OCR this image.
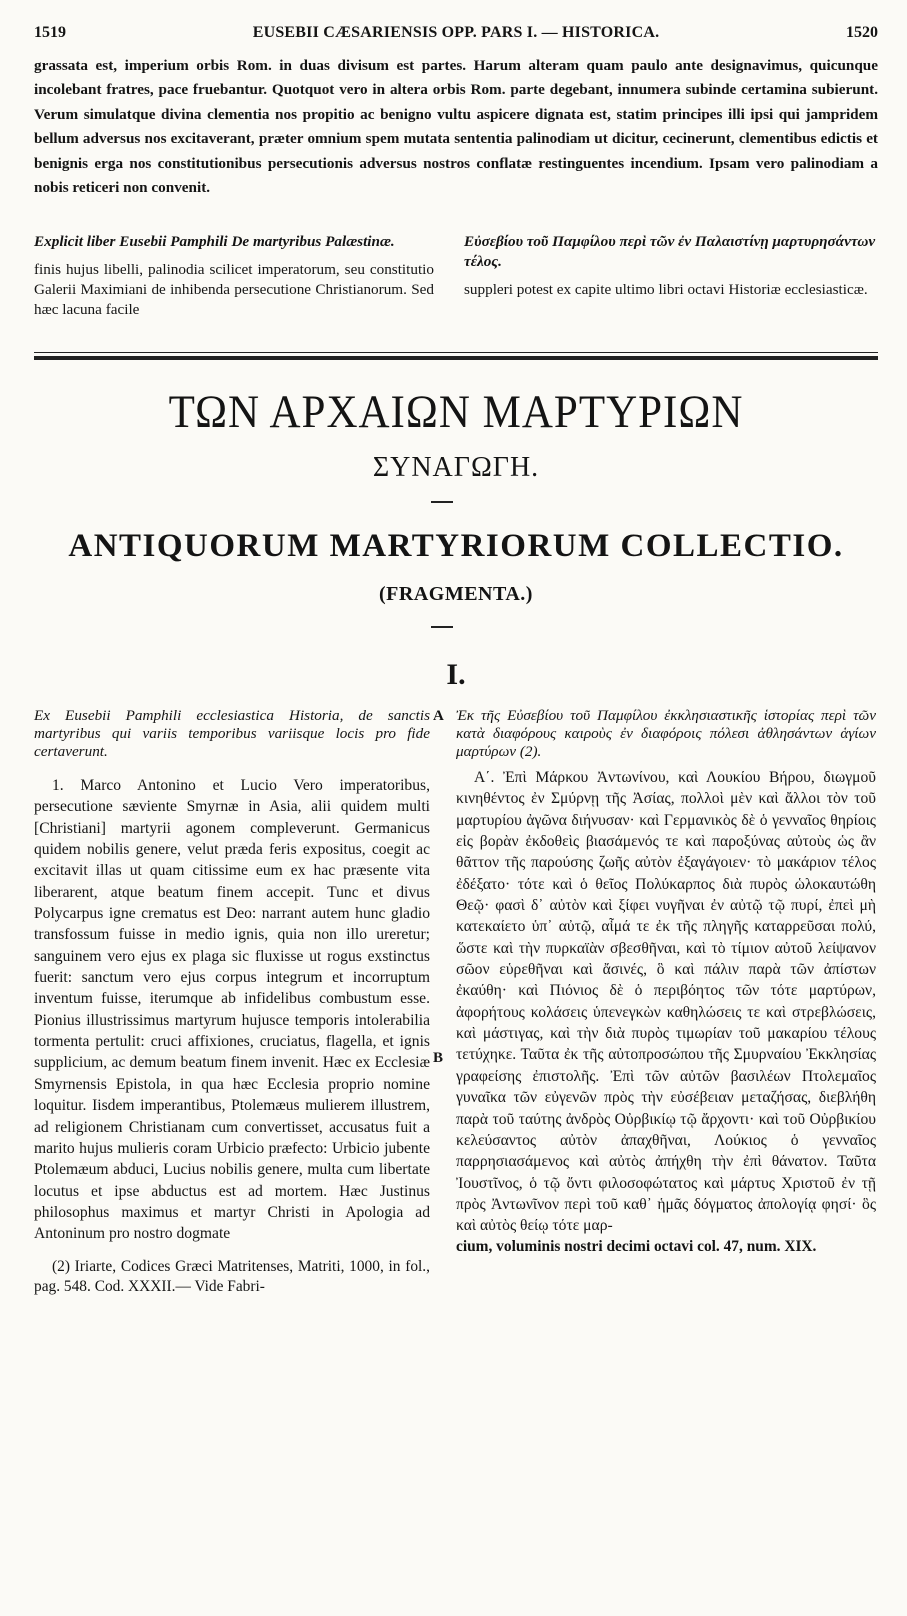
1519	EUSEBII CÆSARIENSIS OPP. PARS I. — HISTORICA.	1520

grassata est, imperium orbis Rom. in duas divisum est partes. Harum alteram quam paulo ante designavimus, quicunque incolebant fratres, pace fruebantur. Quotquot vero in altera orbis Rom. parte degebant, innumera subinde certamina subierunt. Verum simulatque divina clementia nos propitio ac benigno vultu aspicere dignata est, statim principes illi ipsi qui jampridem bellum adversus nos excitaverant, præter omnium spem mutata sententia palinodiam ut dicitur, cecinerunt, clementibus edictis et benignis erga nos constitutionibus persecutionis adversus nostros conflatæ restinguentes incendium. Ipsam vero palinodiam a nobis reticeri non convenit.

Explicit liber Eusebii Pamphili De martyribus Palæstinæ.

finis hujus libelli, palinodia scilicet imperatorum, seu constitutio Galerii Maximiani de inhibenda persecutione Christianorum. Sed hæc lacuna facile

Εὐσεβίου τοῦ Παμφίλου περὶ τῶν ἐν Παλαιστίνῃ μαρτυρησάντων τέλος.

suppleri potest ex capite ultimo libri octavi Historiæ ecclesiasticæ.

ΤΩΝ ΑΡΧΑΙΩΝ ΜΑΡΤΥΡΙΩΝ
ΣΥΝΑΓΩΓΗ.
ANTIQUORUM MARTYRIORUM COLLECTIO.
(FRAGMENTA.)
I.
A
B

Ex Eusebii Pamphili ecclesiastica Historia, de sanctis martyribus qui variis temporibus variisque locis pro fide certaverunt.

1. Marco Antonino et Lucio Vero imperatoribus, persecutione sæviente Smyrnæ in Asia, alii quidem multi [Christiani] martyrii agonem compleverunt. Germanicus quidem nobilis genere, velut præda feris expositus, coegit ac excitavit illas ut quam citissime eum ex hac præsente vita liberarent, atque beatum finem accepit. Tunc et divus Polycarpus igne crematus est Deo: narrant autem hunc gladio transfossum fuisse in medio ignis, quia non illo ureretur; sanguinem vero ejus ex plaga sic fluxisse ut rogus exstinctus fuerit: sanctum vero ejus corpus integrum et incorruptum inventum fuisse, iterumque ab infidelibus combustum esse. Pionius illustrissimus martyrum hujusce temporis intolerabilia tormenta pertulit: cruci affixiones, cruciatus, flagella, et ignis supplicium, ac demum beatum finem invenit. Hæc ex Ecclesiæ Smyrnensis Epistola, in qua hæc Ecclesia proprio nomine loquitur. Iisdem imperantibus, Ptolemæus mulierem illustrem, ad religionem Christianam cum convertisset, accusatus fuit a marito hujus mulieris coram Urbicio præfecto: Urbicio jubente Ptolemæum abduci, Lucius nobilis genere, multa cum libertate locutus et ipse abductus est ad mortem. Hæc Justinus philosophus maximus et martyr Christi in Apologia ad Antoninum pro nostro dogmate

(2) Iriarte, Codices Græci Matritenses, Matriti, 1000, in fol., pag. 548. Cod. XXXII.— Vide Fabri-

Ἐκ τῆς Εὐσεβίου τοῦ Παμφίλου ἐκκλησιαστικῆς ἱστορίας περὶ τῶν κατὰ διαφόρους καιροὺς ἐν διαφόροις πόλεσι ἀθλησάντων ἁγίων μαρτύρων (2).

Α΄. Ἐπὶ Μάρκου Ἀντωνίνου, καὶ Λουκίου Βήρου, διωγμοῦ κινηθέντος ἐν Σμύρνῃ τῆς Ἀσίας, πολλοὶ μὲν καὶ ἄλλοι τὸν τοῦ μαρτυρίου ἀγῶνα διήνυσαν· καὶ Γερμανικὸς δὲ ὁ γενναῖος θηρίοις εἰς βορὰν ἐκδοθεὶς βιασάμενός τε καὶ παροξύνας αὐτοὺς ὡς ἂν θᾶττον τῆς παρούσης ζωῆς αὐτὸν ἐξαγάγοιεν· τὸ μακάριον τέλος ἐδέξατο· τότε καὶ ὁ θεῖος Πολύκαρπος διὰ πυρὸς ὡλοκαυτώθη Θεῷ· φασὶ δ᾽ αὐτὸν καὶ ξίφει νυγῆναι ἐν αὐτῷ τῷ πυρί, ἐπεὶ μὴ κατεκαίετο ὑπ᾽ αὐτῷ, αἷμά τε ἐκ τῆς πληγῆς καταρρεῦσαι πολύ, ὥστε καὶ τὴν πυρκαϊὰν σβεσθῆναι, καὶ τὸ τίμιον αὐτοῦ λείψανον σῶον εὑρεθῆναι καὶ ἄσινές, ὃ καὶ πάλιν παρὰ τῶν ἀπίστων ἐκαύθη· καὶ Πιόνιος δὲ ὁ περιβόητος τῶν τότε μαρτύρων, ἀφορήτους κολάσεις ὑπενεγκὼν καθηλώσεις τε καὶ στρεβλώσεις, καὶ μάστιγας, καὶ τὴν διὰ πυρὸς τιμωρίαν τοῦ μακαρίου τέλους τετύχηκε. Ταῦτα ἐκ τῆς αὐτοπροσώπου τῆς Σμυρναίου Ἐκκλησίας γραφείσης ἐπιστολῆς. Ἐπὶ τῶν αὐτῶν βασιλέων Πτολεμαῖος γυναῖκα τῶν εὐγενῶν πρὸς τὴν εὐσέβειαν μεταζήσας, διεβλήθη παρὰ τοῦ ταύτης ἀνδρὸς Οὐρβικίῳ τῷ ἄρχοντι· καὶ τοῦ Οὐρβικίου κελεύσαντος αὐτὸν ἀπαχθῆναι, Λούκιος ὁ γενναῖος παρρησιασάμενος καὶ αὐτὸς ἀπήχθη τὴν ἐπὶ θάνατον. Ταῦτα Ἰουστῖνος, ὁ τῷ ὄντι φιλοσοφώτατος καὶ μάρτυς Χριστοῦ ἐν τῇ πρὸς Ἀντωνῖνον περὶ τοῦ καθ᾽ ἡμᾶς δόγματος ἀπολογίᾳ φησί· ὃς καὶ αὐτὸς θείῳ τότε μαρ-

cium, voluminis nostri decimi octavi col. 47, num. XIX.
